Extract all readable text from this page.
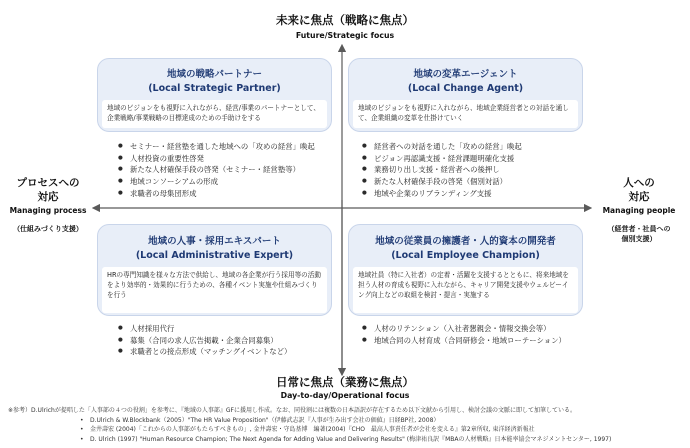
未来に焦点（戦略に焦点）
Future/Strategic focus
プロセスへの
対応
Managing process
（仕組みづくり支援）
人への
対応
Managing people
（経営者・社員への
個別支援）
地域の戦略パートナー
(Local Strategic Partner)
地域のビジョンをも視野に入れながら、経営/事業のパートナーとして、企業戦略/事業戦略の目標達成のための手助けをする
● セミナー・経営塾を通した地域への「攻めの経営」喚起
● 人材投資の重要性啓発
● 新たな人材確保手段の啓発（セミナー・経営塾等）
● 地域コンソーシアムの形成
● 求職者の母集団形成
地域の変革エージェント
(Local Change Agent)
地域のビジョンをも視野に入れながら、地域企業経営者との対話を通して、企業組織の変革を仕掛けていく
● 経営者への対話を通した「攻めの経営」喚起
● ビジョン再認識支援・経営課題明確化支援
● 業務切り出し支援・経営者への後押し
● 新たな人材確保手段の啓発（個別対話）
● 地域や企業のリブランディング支援
地域の人事・採用エキスパート
(Local Administrative Expert)
HRの専門知識を様々な方法で供給し、地域の各企業が行う採用等の活動をより効率的・効果的に行うための、各種イベント実施や仕組みづくりを行う
● 人材採用代行
● 募集（合同の求人広告掲載・企業合同募集）
● 求職者との接点形成（マッチングイベントなど）
地域の従業員の擁護者・人的資本の開発者
(Local Employee Champion)
地域社員（特に入社者）の定着・活躍を支援するとともに、将来地域を担う人材の育成も視野に入れながら、キャリア開発支援やウェルビーイング向上などの取組を検討・提言・実施する
● 人材のリテンション（入社者懇親会・情報交換会等）
● 地域合同の人材育成（合同研修会・地域ローテーション）
日常に焦点（業務に焦点）
Day-to-day/Operational focus
※参考）D.Ulrichが提唱した「人事部の４つの役割」を参考に、『地域の人事部』GFに援用し作成。なお、同役割には複数の日本語訳が存在するため以下文献から引用し、検討会議の文脈に即して加筆している。
• D.Ulrich & W.Blockbank（2005）"The HR Value Proposition"（伊藤武志訳『人事が生み出す会社の価値』日経BP社, 2008）
• 金井壽宏 (2004)「これからの人事部がもたらすべきもの」, 金井壽宏・守島基博　編著(2004)『CHO　最高人事責任者が会社を変える』第2章所収, 東洋経済新報社
• D. Ulrich (1997) "Human Resource Champion; The Next Agenda for Adding Value and Delivering Results" (梅津祐良訳『MBAの人材戦略』日本能率協会マネジメントセンター, 1997)
